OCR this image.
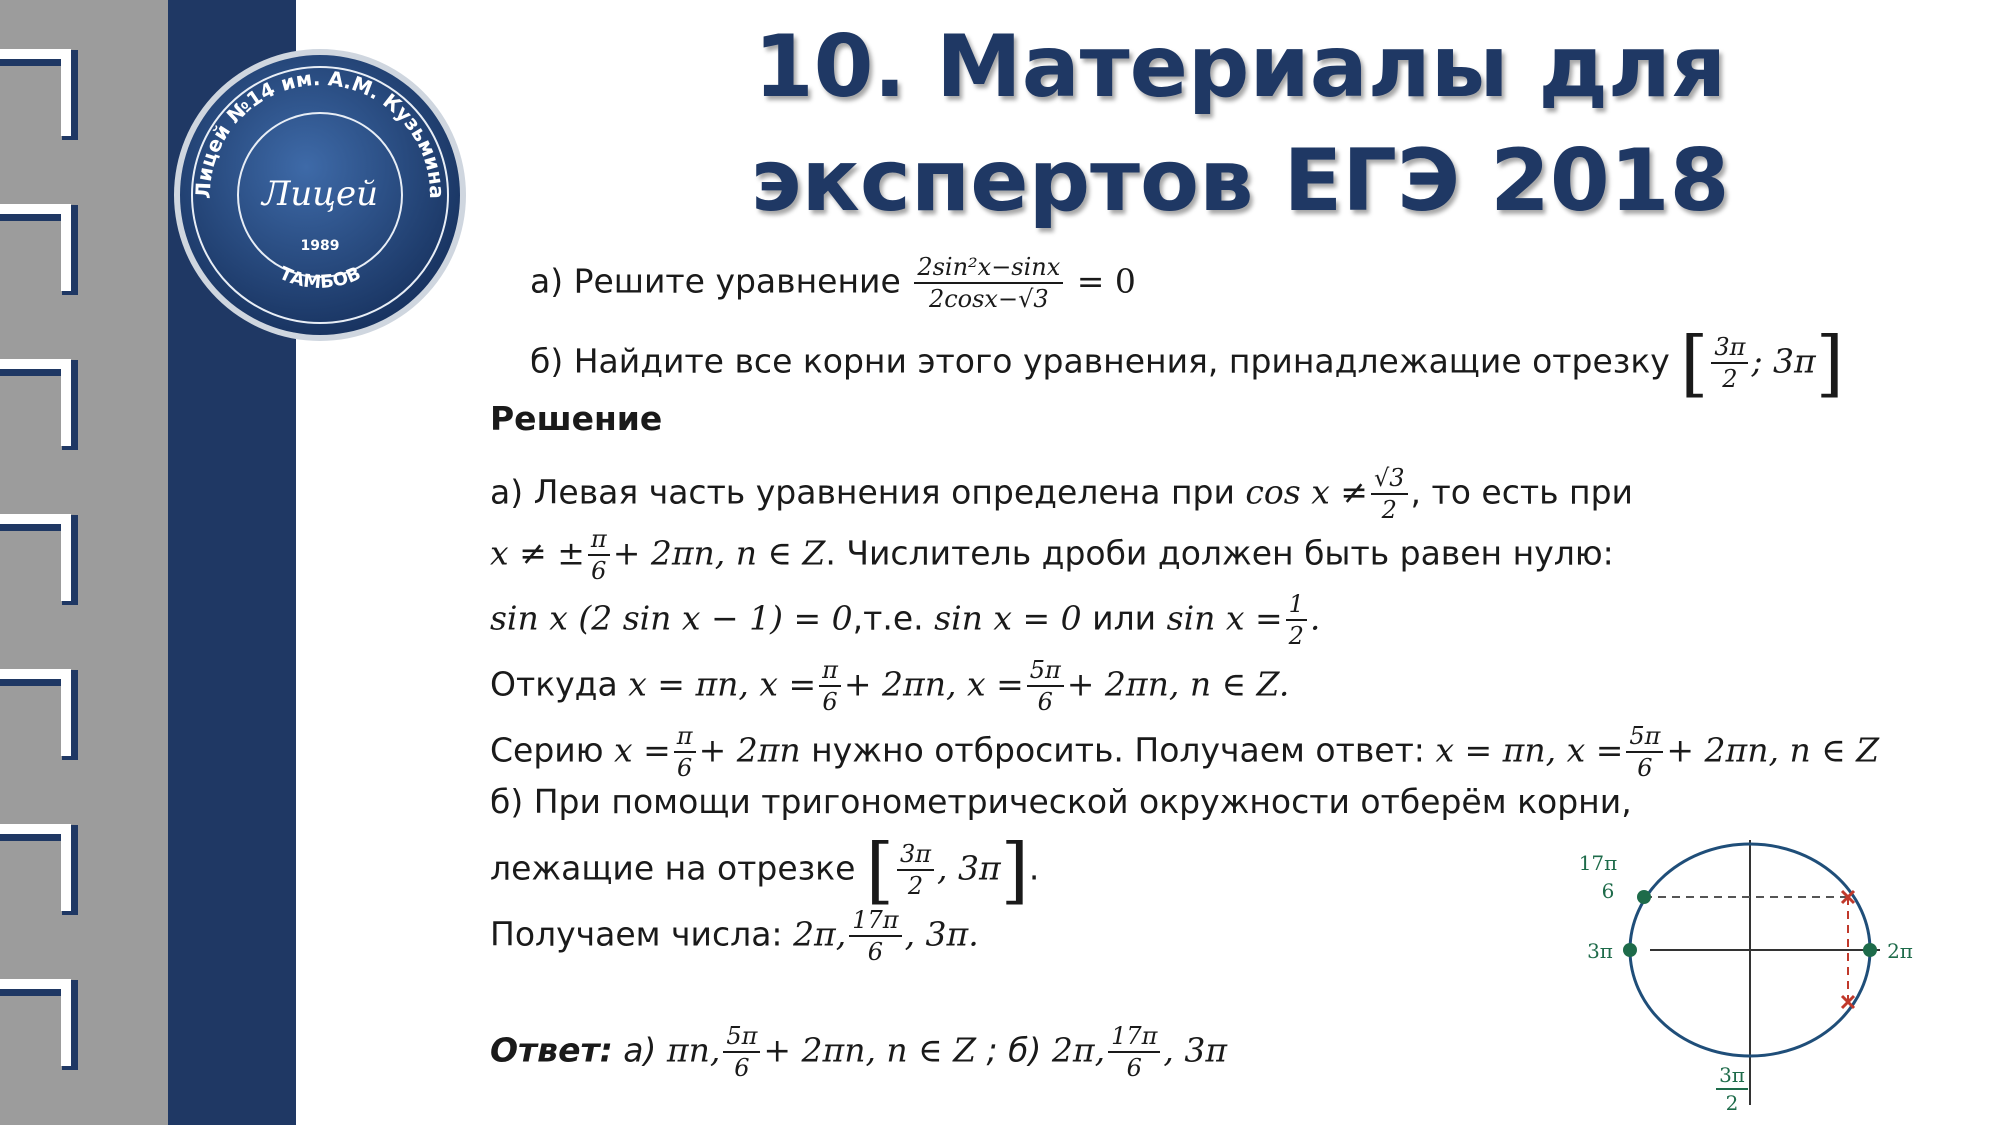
Лицей №14 им. А.М. Кузьмина
Лицей
1989
ТАМБОВ
10. Материалы для экспертов ЕГЭ 2018
а) Решите уравнение $\frac{\text{2sin²x−sinx}}{2\cos x-√3} = 0$
б) Найдите все корни этого уравнения, принадлежащие отрезку [ $\frac{3\pi}{2}$ ; 3π]
Решение
а) Левая часть уравнения определена при $\cos x \ne \frac{√3}{2}$ , то есть при
x ≠ ± $\frac{\pi}{6} + 2\pi n$, n ∈ Z. Числитель дроби должен быть равен нулю:
sin x (2 sin x − 1) = 0,т.е. sin x = 0 или $\sin x = \frac{1}{2}$ .
Откуда x = πn, $x = \frac{\pi}{6} + 2\pi n$, $x = \frac{5\pi}{6} + 2\pi n$, n ∈ Z.
Серию $x = \frac{\pi}{6} + 2\pi n$ нужно отбросить. Получаем ответ: x = πn, $x = \frac{5\pi}{6} + 2\pi n$, n ∈ Z
б) При помощи тригонометрической окружности отберём корни,
лежащие на отрезке [ $\frac{3\pi}{2}$ , 3π].
Получаем числа: 2π, $\frac{17\pi}{6}$ , 3π.
Ответ: а) πn, $\frac{5\pi}{6} + 2\pi n$, n ∈ Z ; б) 2π, $\frac{17\pi}{6}$ , 3π
17π
6
3π	2π
3π
2
